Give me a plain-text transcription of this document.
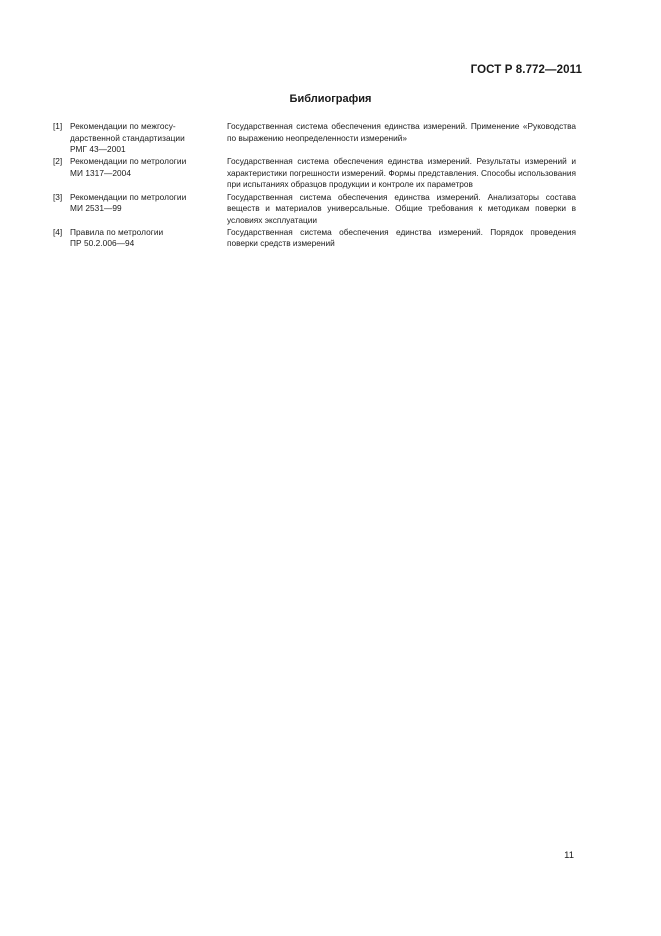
ГОСТ Р 8.772—2011
Библиография
[1] Рекомендации по межгосу-
дарственной стандартизации
РМГ 43—2001
Государственная система обеспечения единства измерений. Применение «Руководства по выражению неопределенности измерений»
[2] Рекомендации по метрологии
МИ 1317—2004
Государственная система обеспечения единства измерений. Результаты измерений и характеристики погрешности измерений. Формы представления. Способы использования при испытаниях образцов продукции и контроле их параметров
[3] Рекомендации по метрологии
МИ 2531—99
Государственная система обеспечения единства измерений. Анализаторы состава веществ и материалов универсальные. Общие требования к методикам поверки в условиях эксплуатации
[4] Правила по метрологии
ПР 50.2.006—94
Государственная система обеспечения единства измерений. Порядок проведения поверки средств измерений
11
